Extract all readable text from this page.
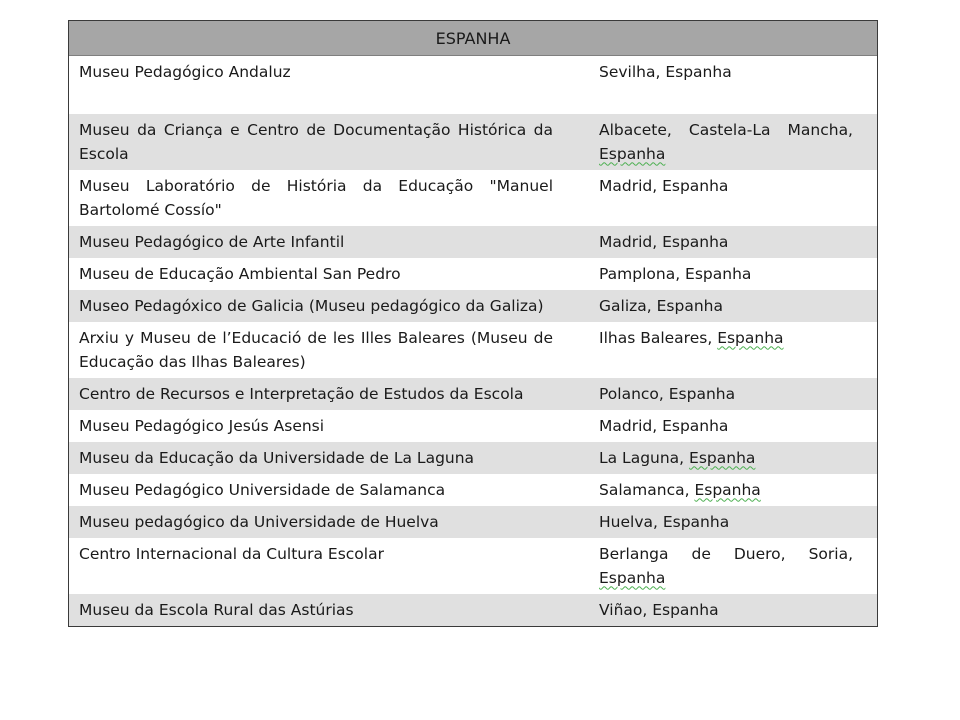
ESPANHA	
Museu Pedagógico Andaluz	Sevilha, Espanha
Museu da Criança e Centro de Documentação Histórica da Escola	Albacete, Castela-La Mancha, Espanha
Museu Laboratório de História da Educação "Manuel Bartolomé Cossío"	Madrid, Espanha
Museu Pedagógico de Arte Infantil	Madrid, Espanha
Museu de Educação Ambiental San Pedro	Pamplona, Espanha
Museo Pedagóxico de Galicia (Museu pedagógico da Galiza)	Galiza, Espanha
Arxiu y Museu de l’Educació de les Illes Baleares (Museu de Educação das Ilhas Baleares)	Ilhas Baleares, Espanha
Centro de Recursos e Interpretação de Estudos da Escola	Polanco, Espanha
Museu Pedagógico Jesús Asensi	Madrid, Espanha
Museu da Educação da Universidade de La Laguna	La Laguna, Espanha
Museu Pedagógico Universidade de Salamanca	Salamanca, Espanha
Museu pedagógico da Universidade de Huelva	Huelva, Espanha
Centro Internacional da Cultura Escolar	Berlanga de Duero, Soria, Espanha
Museu da Escola Rural das Astúrias	Viñao, Espanha
